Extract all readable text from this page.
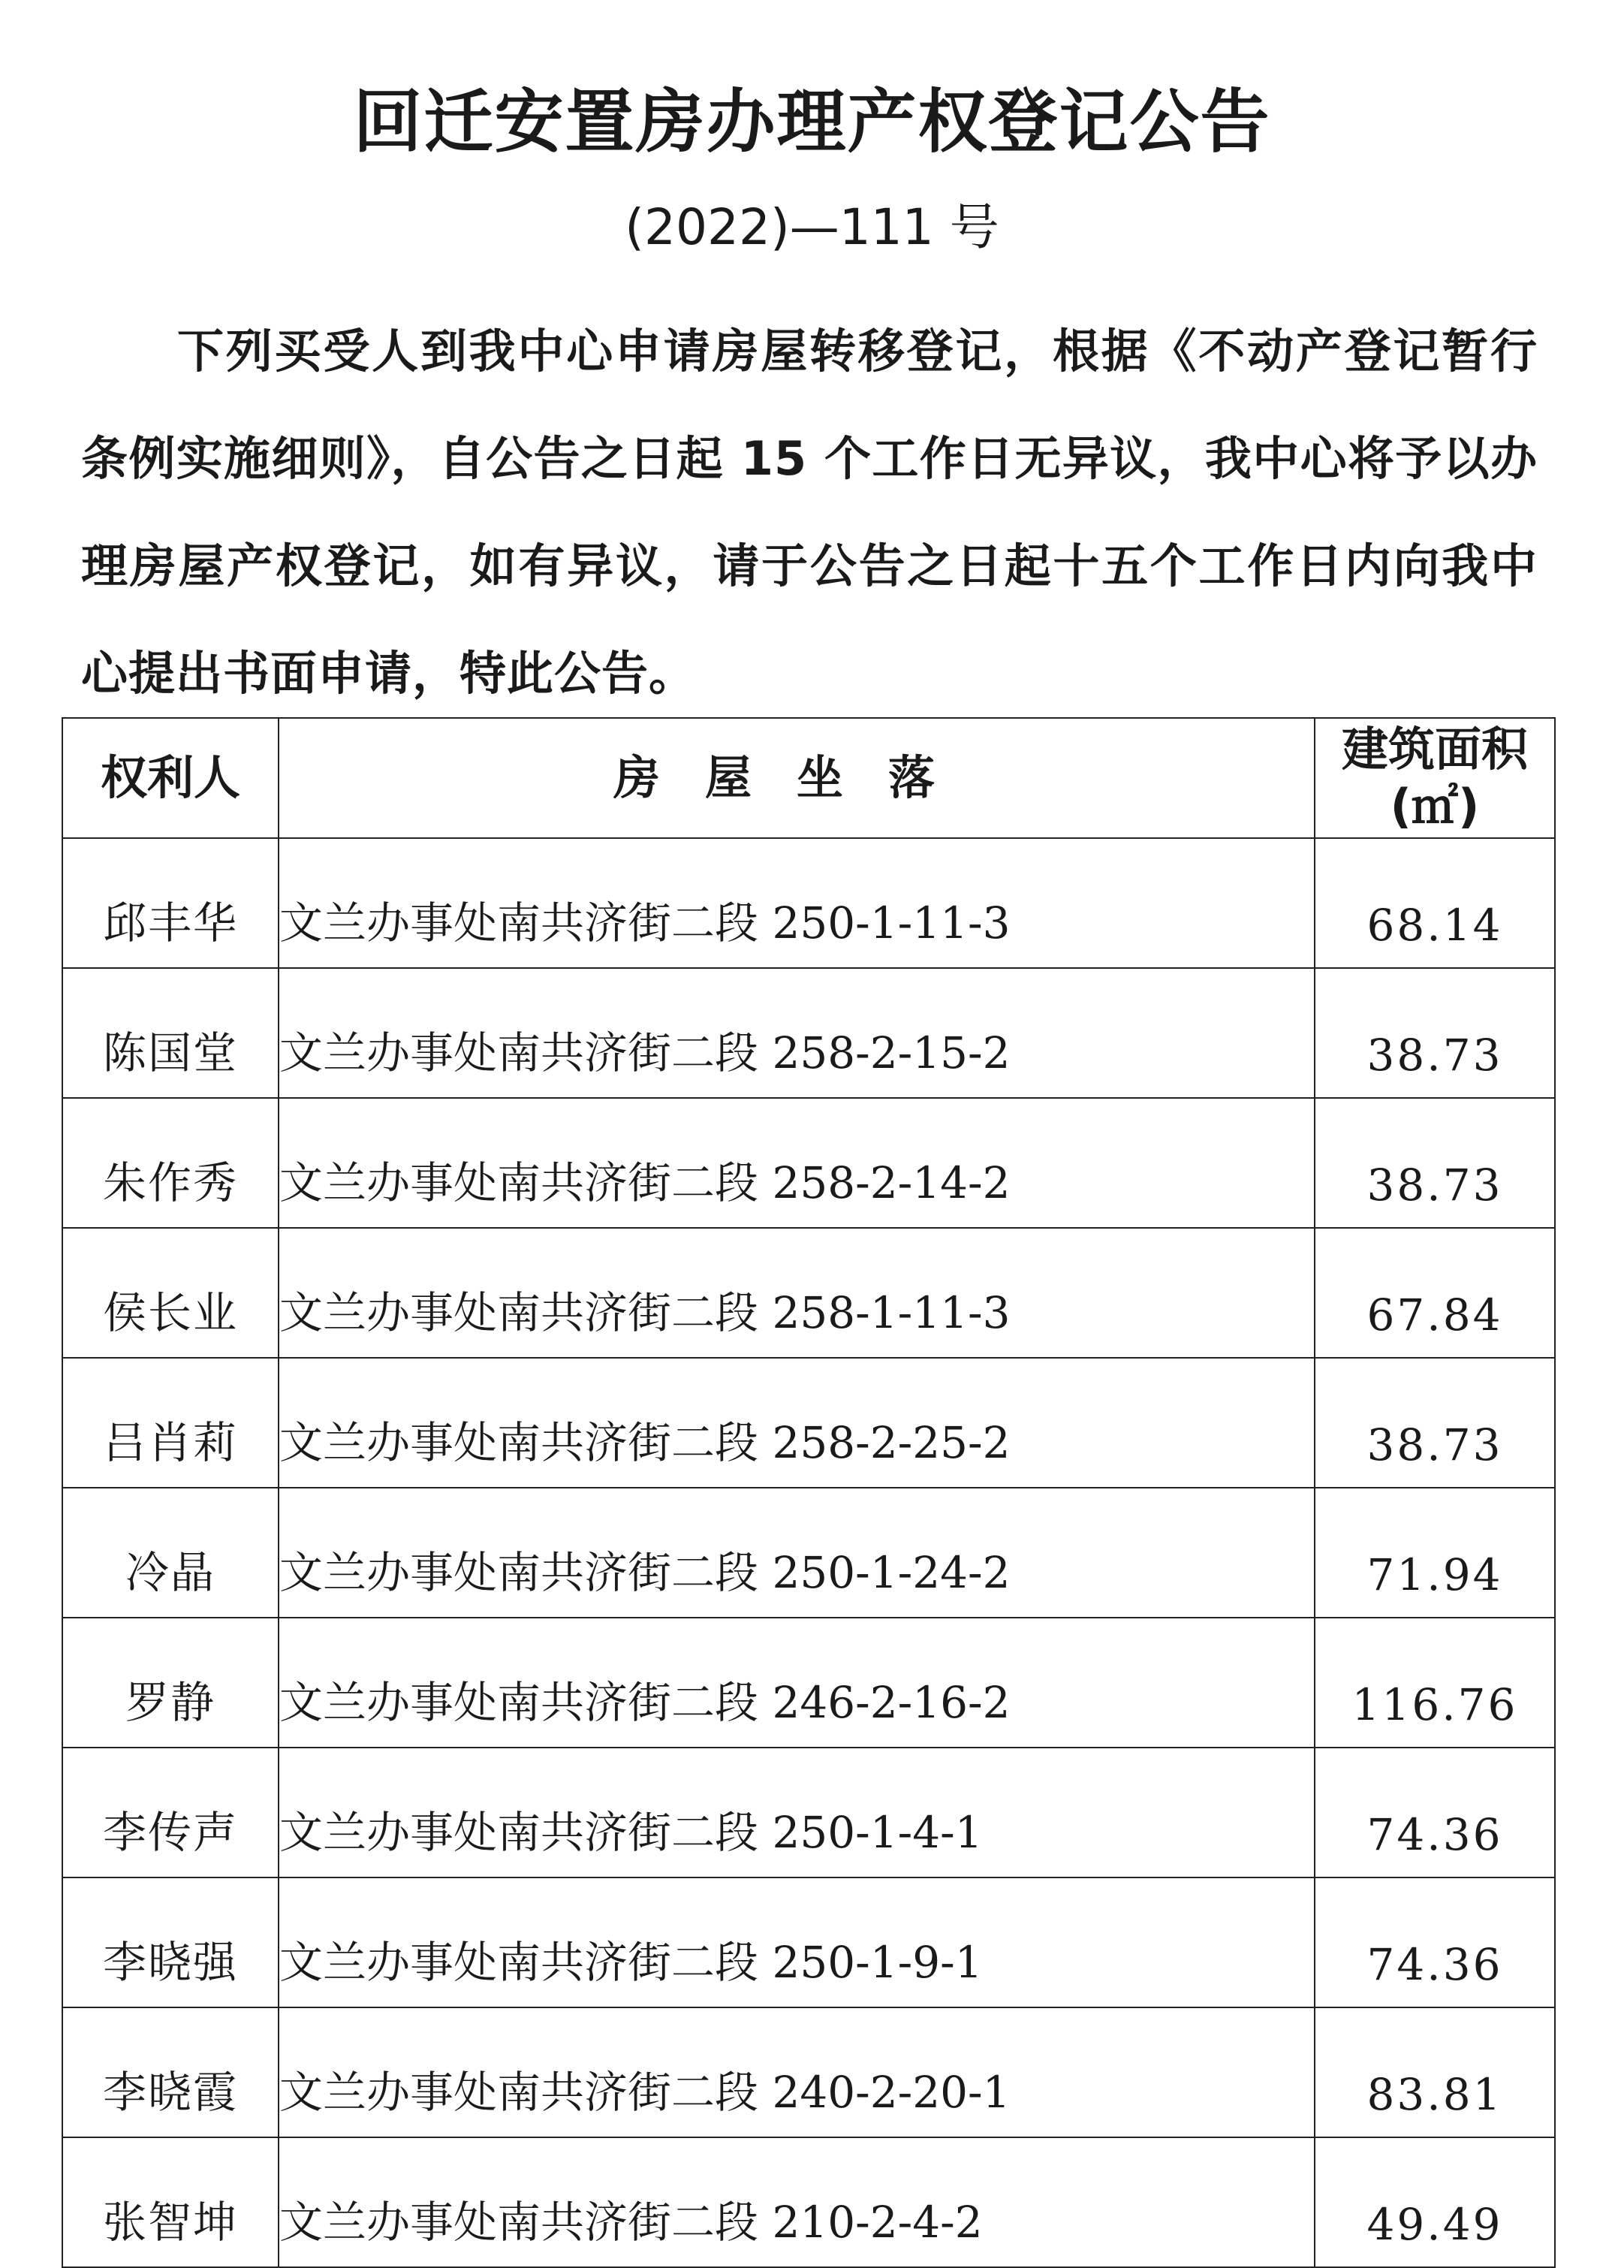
回迁安置房办理产权登记公告
(2022)—111 号
下列买受人到我中心申请房屋转移登记，根据《不动产登记暂行条例实施细则》，自公告之日起 15 个工作日无异议，我中心将予以办理房屋产权登记，如有异议，请于公告之日起十五个工作日内向我中心提出书面申请，特此公告。
权利人	房屋坐落	建筑面积
(㎡)

邱丰华	文兰办事处南共济街二段 250-1-11-3	68.14
陈国堂	文兰办事处南共济街二段 258-2-15-2	38.73
朱作秀	文兰办事处南共济街二段 258-2-14-2	38.73
侯长业	文兰办事处南共济街二段 258-1-11-3	67.84
吕肖莉	文兰办事处南共济街二段 258-2-25-2	38.73
冷晶	文兰办事处南共济街二段 250-1-24-2	71.94
罗静	文兰办事处南共济街二段 246-2-16-2	116.76
李传声	文兰办事处南共济街二段 250-1-4-1	74.36
李晓强	文兰办事处南共济街二段 250-1-9-1	74.36
李晓霞	文兰办事处南共济街二段 240-2-20-1	83.81
张智坤	文兰办事处南共济街二段 210-2-4-2	49.49
